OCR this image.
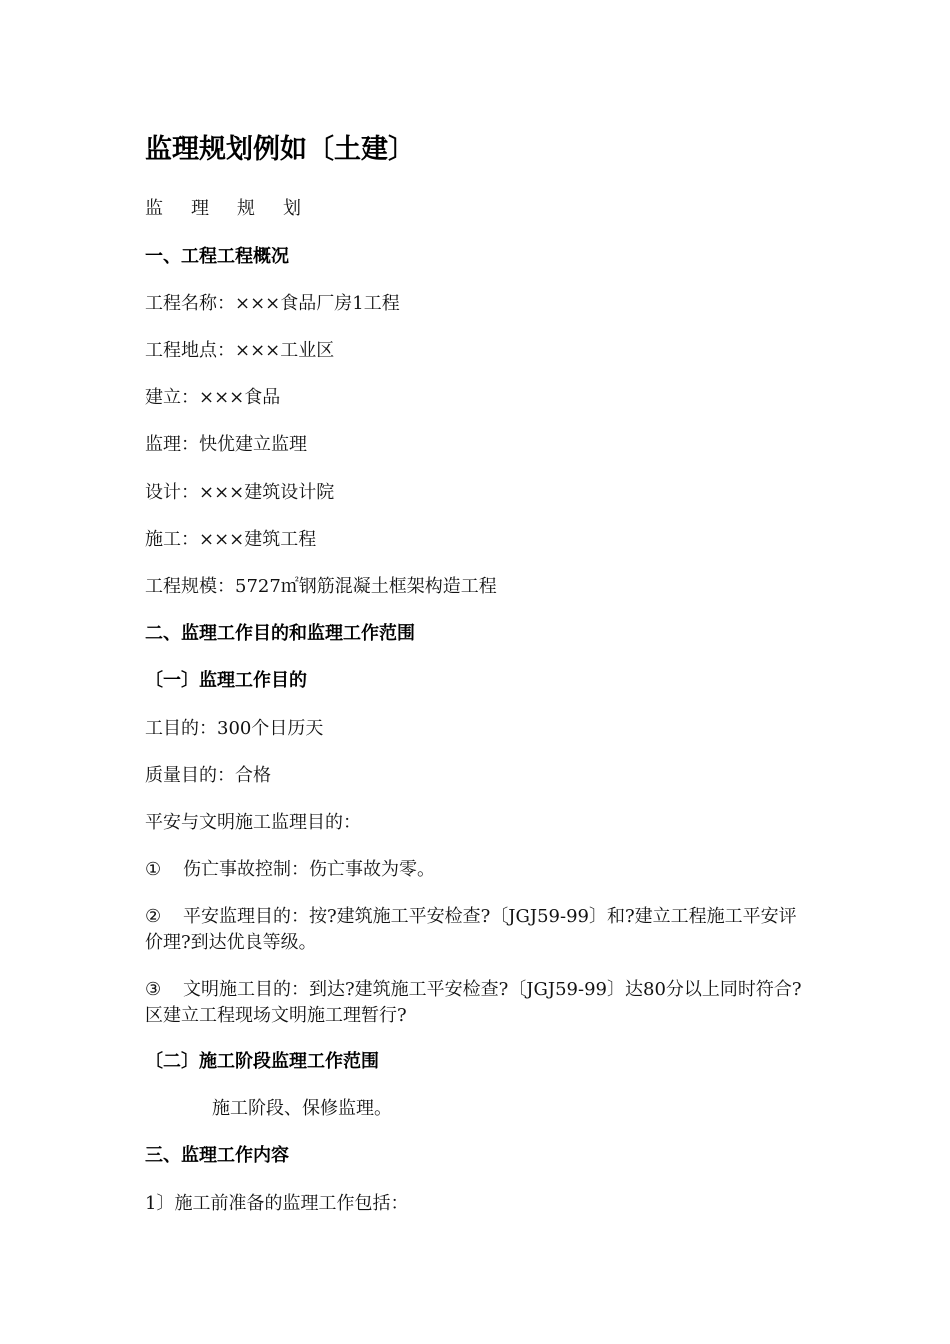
监理规划例如〔土建〕
监理规划
一、工程工程概况
工程名称：×××食品厂房1工程
工程地点：×××工业区
建立：×××食品
监理：快优建立监理
设计：×××建筑设计院
施工：×××建筑工程
工程规模：5727㎡钢筋混凝土框架构造工程
二、监理工作目的和监理工作范围
〔一〕监理工作目的
工目的：300个日历天
质量目的：合格
平安与文明施工监理目的：
① 伤亡事故控制：伤亡事故为零。
② 平安监理目的：按?建筑施工平安检查?〔JGJ59-99〕和?建立工程施工平安评价理?到达优良等级。
③ 文明施工目的：到达?建筑施工平安检查?〔JGJ59-99〕达80分以上同时符合?区建立工程现场文明施工理暂行?
〔二〕施工阶段监理工作范围
施工阶段、保修监理。
三、监理工作内容
1〕施工前准备的监理工作包括：
